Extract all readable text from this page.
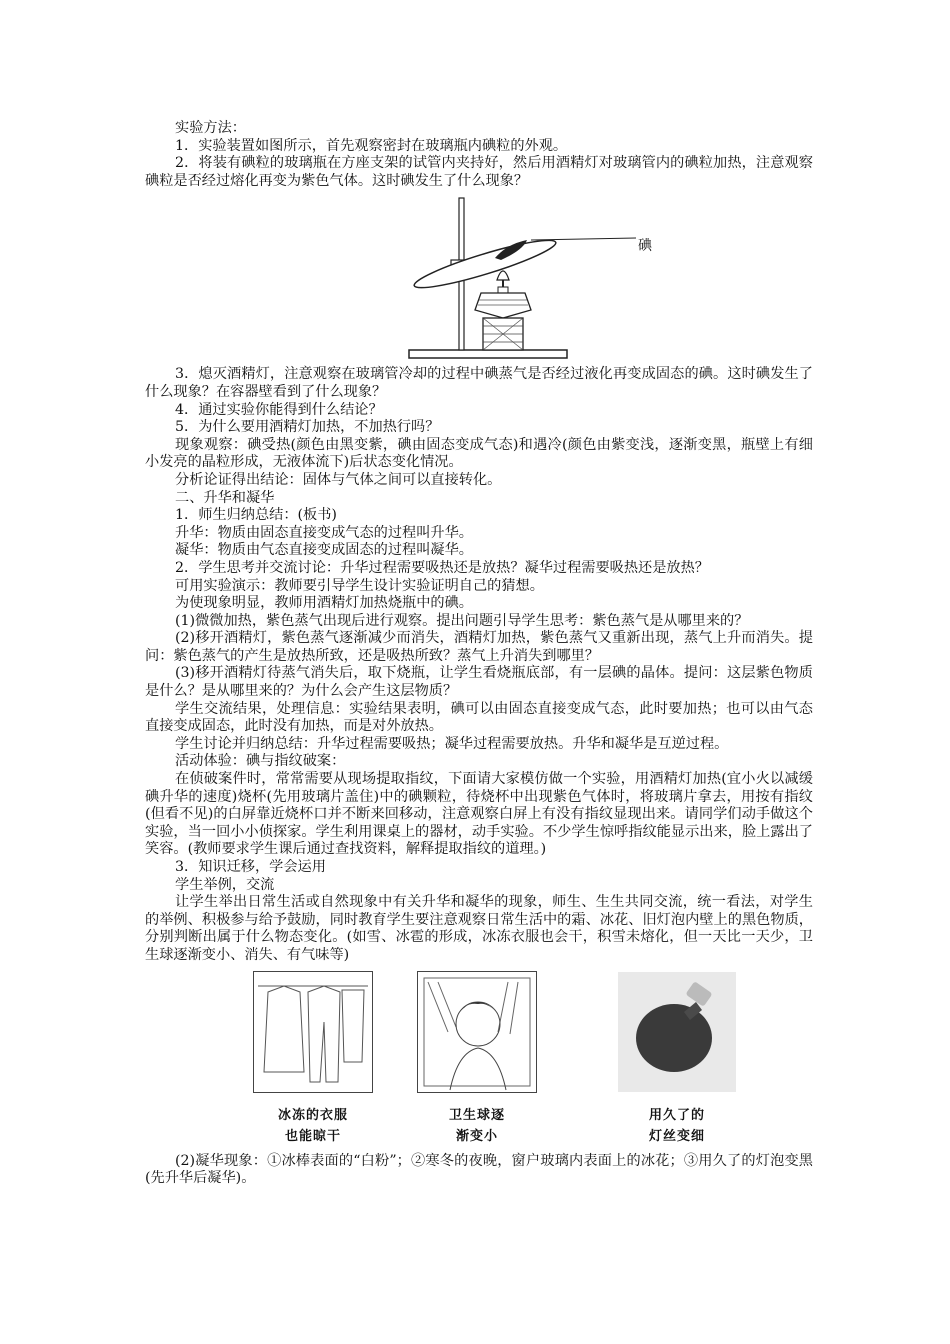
实验方法：

1．实验装置如图所示，首先观察密封在玻璃瓶内碘粒的外观。

2．将装有碘粒的玻璃瓶在方座支架的试管内夹持好，然后用酒精灯对玻璃管内的碘粒加热，注意观察碘粒是否经过熔化再变为紫色气体。这时碘发生了什么现象？

碘

3．熄灭酒精灯，注意观察在玻璃管冷却的过程中碘蒸气是否经过液化再变成固态的碘。这时碘发生了什么现象？在容器壁看到了什么现象？

4．通过实验你能得到什么结论？

5．为什么要用酒精灯加热，不加热行吗？

现象观察：碘受热(颜色由黑变紫，碘由固态变成气态)和遇冷(颜色由紫变浅，逐渐变黑，瓶壁上有细小发亮的晶粒形成，无液体流下)后状态变化情况。

分析论证得出结论：固体与气体之间可以直接转化。

二、升华和凝华

1．师生归纳总结：(板书)

升华：物质由固态直接变成气态的过程叫升华。

凝华：物质由气态直接变成固态的过程叫凝华。

2．学生思考并交流讨论：升华过程需要吸热还是放热？凝华过程需要吸热还是放热？

可用实验演示：教师要引导学生设计实验证明自己的猜想。

为使现象明显，教师用酒精灯加热烧瓶中的碘。

(1)微微加热，紫色蒸气出现后进行观察。提出问题引导学生思考：紫色蒸气是从哪里来的？

(2)移开酒精灯，紫色蒸气逐渐减少而消失，酒精灯加热，紫色蒸气又重新出现，蒸气上升而消失。提问：紫色蒸气的产生是放热所致，还是吸热所致？蒸气上升消失到哪里？

(3)移开酒精灯待蒸气消失后，取下烧瓶，让学生看烧瓶底部，有一层碘的晶体。提问：这层紫色物质是什么？是从哪里来的？为什么会产生这层物质？

学生交流结果，处理信息：实验结果表明，碘可以由固态直接变成气态，此时要加热；也可以由气态直接变成固态，此时没有加热，而是对外放热。

学生讨论并归纳总结：升华过程需要吸热；凝华过程需要放热。升华和凝华是互逆过程。

活动体验：碘与指纹破案：

在侦破案件时，常常需要从现场提取指纹，下面请大家模仿做一个实验，用酒精灯加热(宜小火以减缓碘升华的速度)烧杯(先用玻璃片盖住)中的碘颗粒，待烧杯中出现紫色气体时，将玻璃片拿去，用按有指纹(但看不见)的白屏靠近烧杯口并不断来回移动，注意观察白屏上有没有指纹显现出来。请同学们动手做这个实验，当一回小小侦探家。学生利用课桌上的器材，动手实验。不少学生惊呼指纹能显示出来，脸上露出了笑容。(教师要求学生课后通过查找资料，解释提取指纹的道理。)

3．知识迁移，学会运用

学生举例，交流

让学生举出日常生活或自然现象中有关升华和凝华的现象，师生、生生共同交流，统一看法，对学生的举例、积极参与给予鼓励，同时教育学生要注意观察日常生活中的霜、冰花、旧灯泡内壁上的黑色物质，分别判断出属于什么物态变化。(如雪、冰雹的形成，冰冻衣服也会干，积雪未熔化，但一天比一天少，卫生球逐渐变小、消失、有气味等)

冰冻的衣服
也能晾干
卫生球逐
渐变小
用久了的
灯丝变细

(2)凝华现象：①冰棒表面的“白粉”；②寒冬的夜晚，窗户玻璃内表面上的冰花；③用久了的灯泡变黑(先升华后凝华)。
